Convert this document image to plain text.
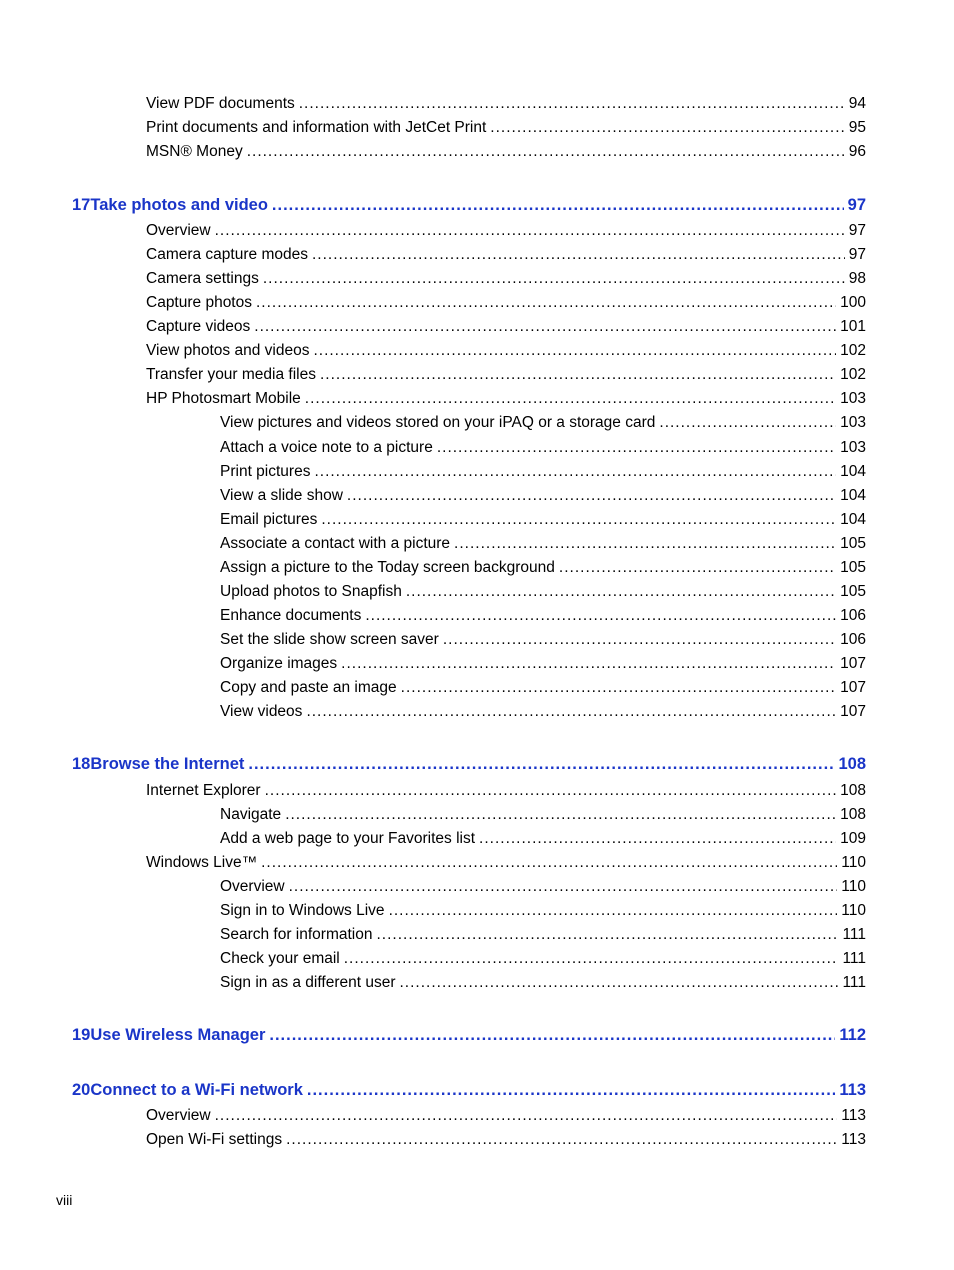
View PDF documents .....	94
Print documents and information with JetCet Print .....	95
MSN® Money .....	96
17 Take photos and video .....	97
Overview .....	97
Camera capture modes .....	97
Camera settings .....	98
Capture photos .....	100
Capture videos .....	101
View photos and videos .....	102
Transfer your media files .....	102
HP Photosmart Mobile .....	103
View pictures and videos stored on your iPAQ or a storage card .....	103
Attach a voice note to a picture .....	103
Print pictures .....	104
View a slide show .....	104
Email pictures .....	104
Associate a contact with a picture .....	105
Assign a picture to the Today screen background .....	105
Upload photos to Snapfish .....	105
Enhance documents .....	106
Set the slide show screen saver .....	106
Organize images .....	107
Copy and paste an image .....	107
View videos .....	107
18 Browse the Internet .....	108
Internet Explorer .....	108
Navigate .....	108
Add a web page to your Favorites list .....	109
Windows Live™ .....	110
Overview .....	110
Sign in to Windows Live .....	110
Search for information .....	111
Check your email .....	111
Sign in as a different user .....	111
19 Use Wireless Manager .....	112
20 Connect to a Wi-Fi network .....	113
Overview .....	113
Open Wi-Fi settings .....	113
viii
